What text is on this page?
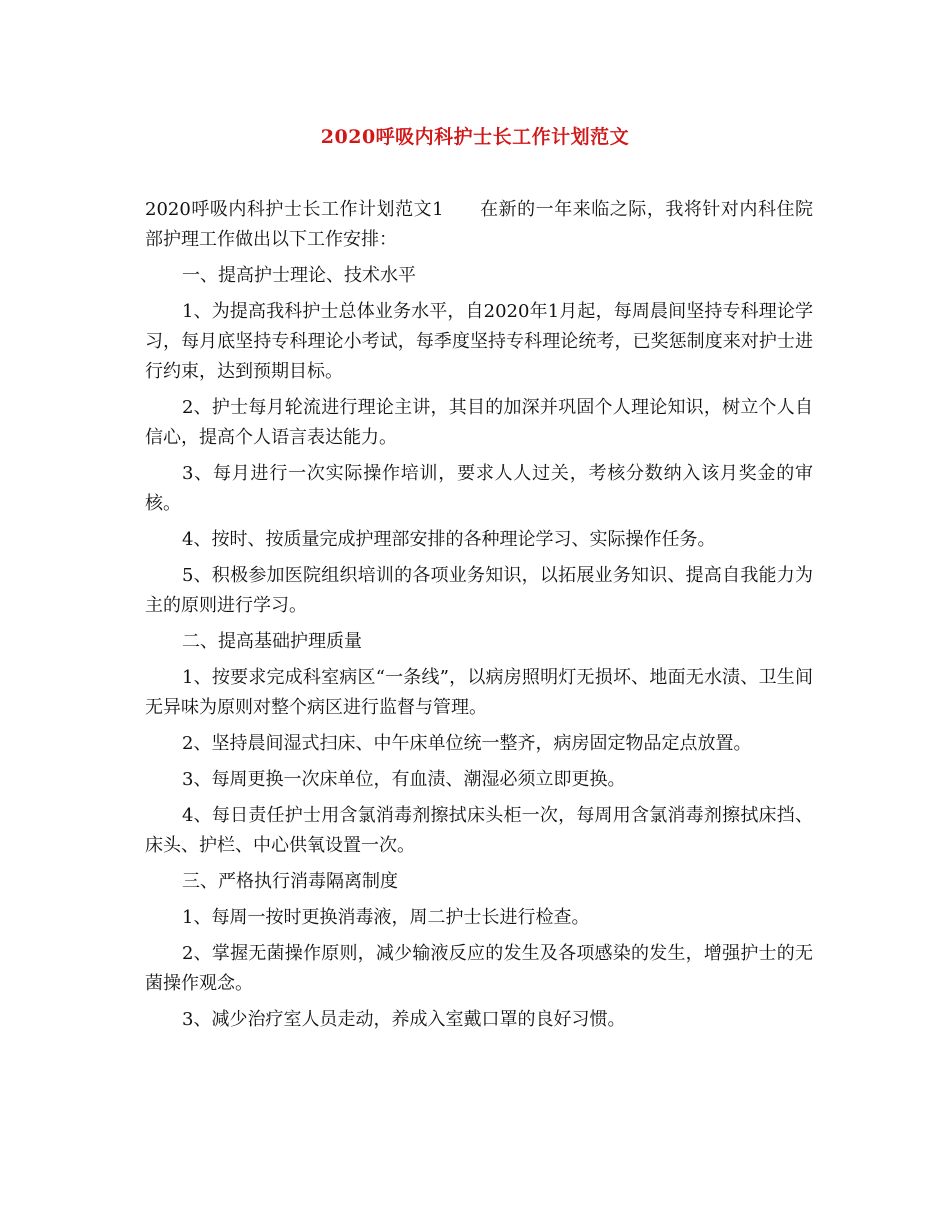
2020呼吸内科护士长工作计划范文

2020呼吸内科护士长工作计划范文1 在新的一年来临之际，我将针对内科住院部护理工作做出以下工作安排：

一、提高护士理论、技术水平

1、为提高我科护士总体业务水平，自2020年1月起，每周晨间坚持专科理论学习，每月底坚持专科理论小考试，每季度坚持专科理论统考，已奖惩制度来对护士进行约束，达到预期目标。

2、护士每月轮流进行理论主讲，其目的加深并巩固个人理论知识，树立个人自信心，提高个人语言表达能力。

3、每月进行一次实际操作培训，要求人人过关，考核分数纳入该月奖金的审核。

4、按时、按质量完成护理部安排的各种理论学习、实际操作任务。

5、积极参加医院组织培训的各项业务知识，以拓展业务知识、提高自我能力为主的原则进行学习。

二、提高基础护理质量

1、按要求完成科室病区“一条线”，以病房照明灯无损坏、地面无水渍、卫生间无异味为原则对整个病区进行监督与管理。

2、坚持晨间湿式扫床、中午床单位统一整齐，病房固定物品定点放置。

3、每周更换一次床单位，有血渍、潮湿必须立即更换。

4、每日责任护士用含氯消毒剂擦拭床头柜一次，每周用含氯消毒剂擦拭床挡、床头、护栏、中心供氧设置一次。

三、严格执行消毒隔离制度

1、每周一按时更换消毒液，周二护士长进行检查。

2、掌握无菌操作原则，减少输液反应的发生及各项感染的发生，增强护士的无菌操作观念。

3、减少治疗室人员走动，养成入室戴口罩的良好习惯。
